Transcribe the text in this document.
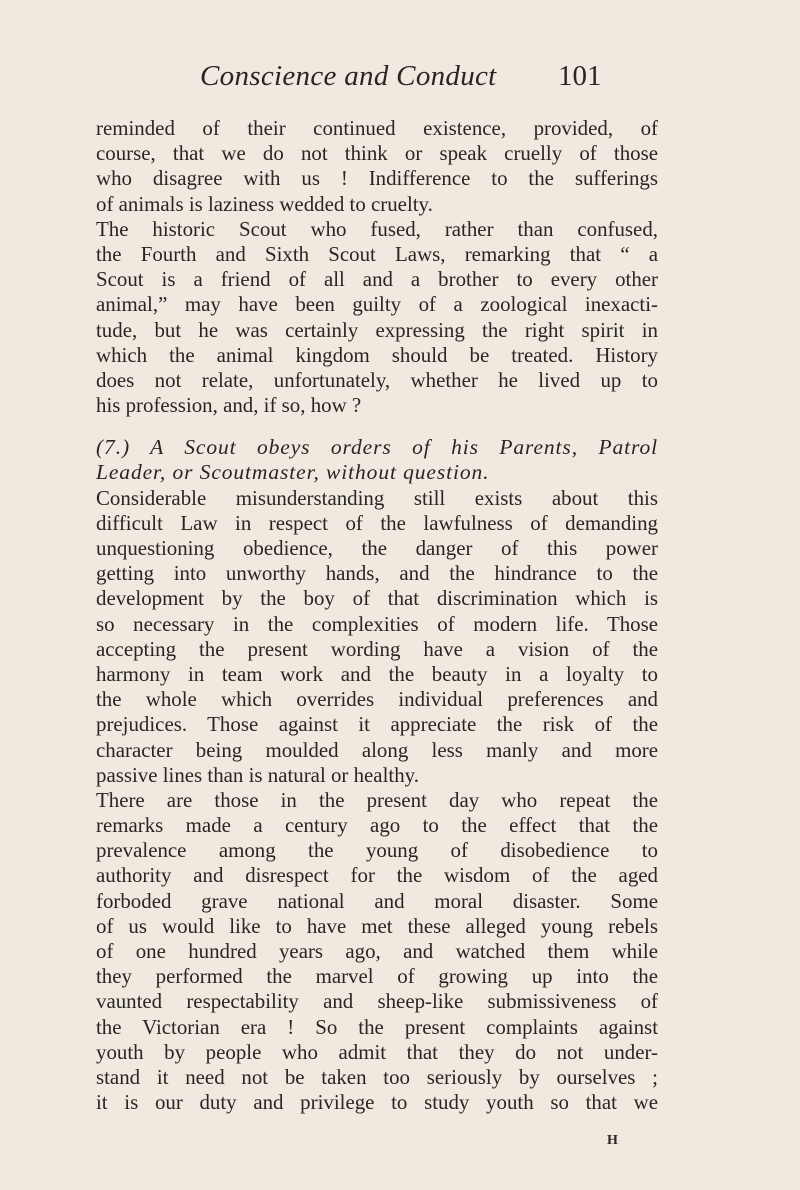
Conscience and Conduct 101
reminded of their continued existence, provided, of
course, that we do not think or speak cruelly of those
who disagree with us ! Indifference to the sufferings
of animals is laziness wedded to cruelty.
The historic Scout who fused, rather than confused,
the Fourth and Sixth Scout Laws, remarking that “ a
Scout is a friend of all and a brother to every other
animal,” may have been guilty of a zoological inexacti-
tude, but he was certainly expressing the right spirit in
which the animal kingdom should be treated. History
does not relate, unfortunately, whether he lived up to
his profession, and, if so, how ?
(7.) A Scout obeys orders of his Parents, Patrol
Leader, or Scoutmaster, without question.
Considerable misunderstanding still exists about this
difficult Law in respect of the lawfulness of demanding
unquestioning obedience, the danger of this power
getting into unworthy hands, and the hindrance to the
development by the boy of that discrimination which is
so necessary in the complexities of modern life. Those
accepting the present wording have a vision of the
harmony in team work and the beauty in a loyalty to
the whole which overrides individual preferences and
prejudices. Those against it appreciate the risk of the
character being moulded along less manly and more
passive lines than is natural or healthy.
There are those in the present day who repeat the
remarks made a century ago to the effect that the
prevalence among the young of disobedience to
authority and disrespect for the wisdom of the aged
forboded grave national and moral disaster. Some
of us would like to have met these alleged young rebels
of one hundred years ago, and watched them while
they performed the marvel of growing up into the
vaunted respectability and sheep-like submissiveness of
the Victorian era ! So the present complaints against
youth by people who admit that they do not under-
stand it need not be taken too seriously by ourselves ;
it is our duty and privilege to study youth so that we
H
